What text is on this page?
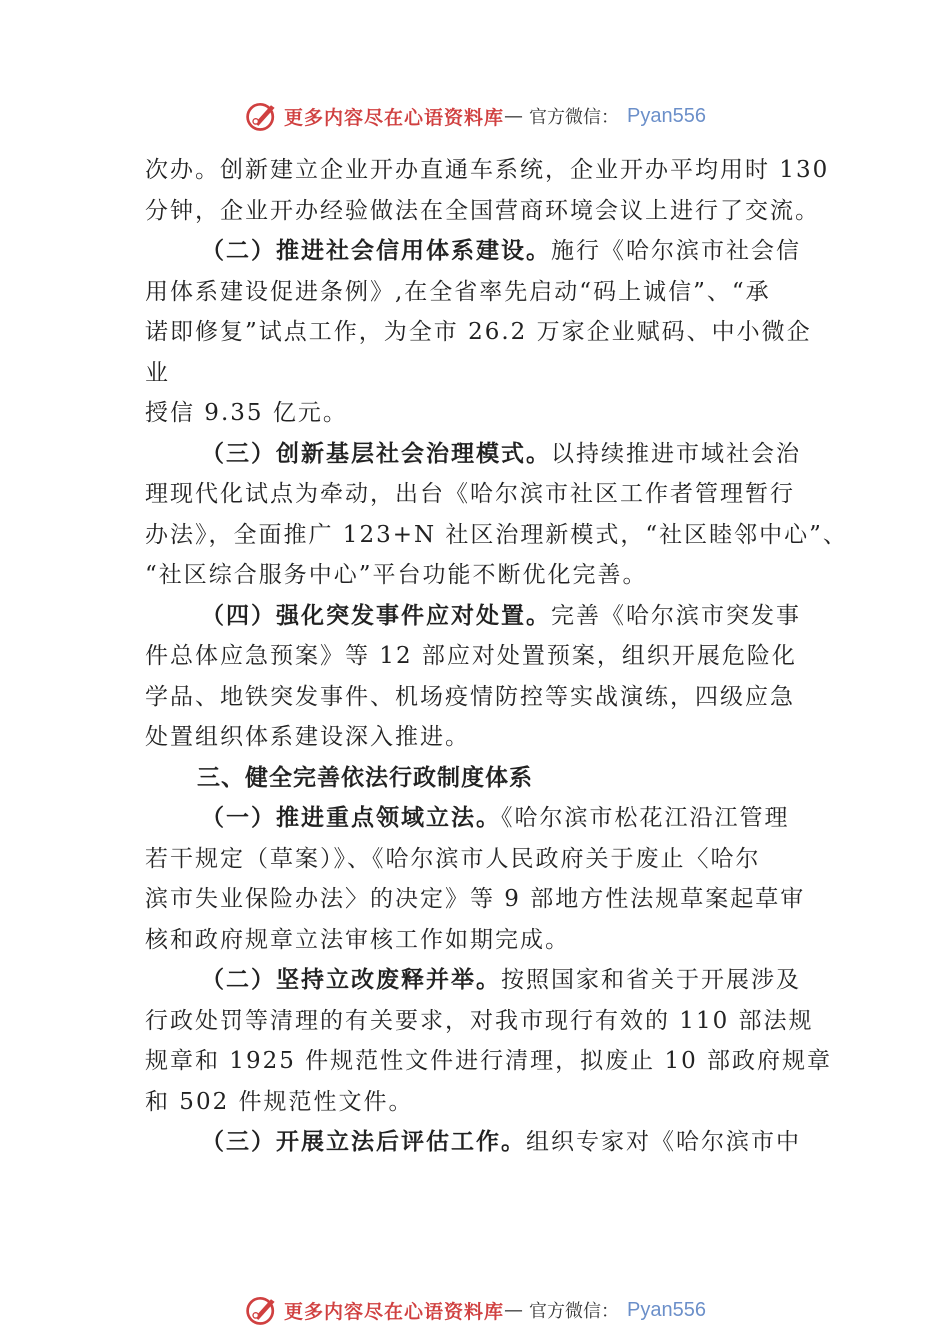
更多内容尽在心语资料库 — 官方微信： Pyan556
次办。创新建立企业开办直通车系统，企业开办平均用时 130
分钟，企业开办经验做法在全国营商环境会议上进行了交流。
（二）推进社会信用体系建设。施行《哈尔滨市社会信
用体系建设促进条例》,在全省率先启动“码上诚信”、“承
诺即修复”试点工作，为全市 26.2 万家企业赋码、中小微企
业
授信 9.35 亿元。
（三）创新基层社会治理模式。以持续推进市域社会治
理现代化试点为牵动，出台《哈尔滨市社区工作者管理暂行
办法》，全面推广 123+N 社区治理新模式，“社区睦邻中心”、
“社区综合服务中心”平台功能不断优化完善。
（四）强化突发事件应对处置。完善《哈尔滨市突发事
件总体应急预案》等 12 部应对处置预案，组织开展危险化
学品、地铁突发事件、机场疫情防控等实战演练，四级应急
处置组织体系建设深入推进。
三、健全完善依法行政制度体系
（一）推进重点领域立法。《哈尔滨市松花江沿江管理
若干规定（草案）》、《哈尔滨市人民政府关于废止〈哈尔
滨市失业保险办法〉的决定》等 9 部地方性法规草案起草审
核和政府规章立法审核工作如期完成。
（二）坚持立改废释并举。按照国家和省关于开展涉及
行政处罚等清理的有关要求，对我市现行有效的 110 部法规
规章和 1925 件规范性文件进行清理，拟废止 10 部政府规章
和 502 件规范性文件。
（三）开展立法后评估工作。组织专家对《哈尔滨市中
更多内容尽在心语资料库 — 官方微信： Pyan556
